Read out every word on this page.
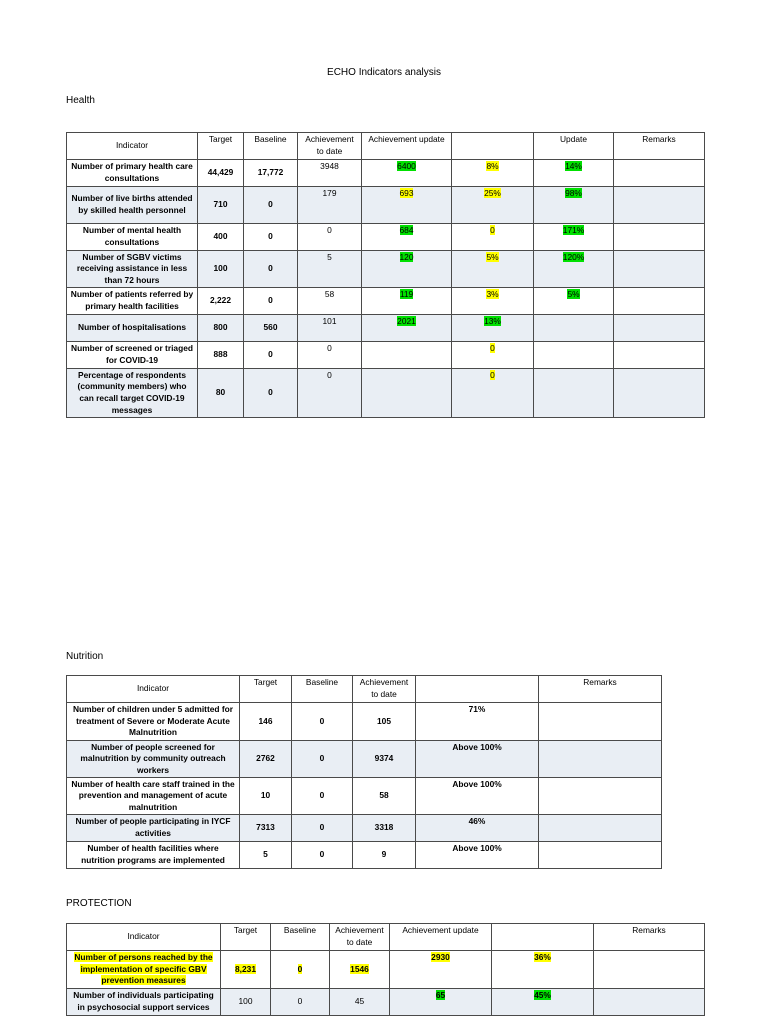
ECHO Indicators analysis
Health
Indicator	Target	Baseline	Achievement to date	Achievement update		Update	Remarks
Number of primary health care consultations	44,429	17,772	3948	6400	8%	14%	
Number of live births attended by skilled health personnel	710	0	179	693	25%	98%	
Number of mental health consultations	400	0	0	684	0	171%	
Number of SGBV victims receiving assistance in less than 72 hours	100	0	5	120	5%	120%	
Number of patients referred by primary health facilities	2,222	0	58	119	3%	5%	
Number of hospitalisations	800	560	101	2021	13%		
Number of screened or triaged for COVID-19	888	0	0		0		
Percentage of respondents (community members) who can recall target COVID-19 messages	80	0	0		0		
Nutrition
Indicator	Target	Baseline	Achievement to date		Remarks
Number of children under 5 admitted for treatment of Severe or Moderate Acute Malnutrition	146	0	105	71%	
Number of people screened for malnutrition by community outreach workers	2762	0	9374	Above 100%	
Number of health care staff trained in the prevention and management of acute malnutrition	10	0	58	Above 100%	
Number of people participating in IYCF activities	7313	0	3318	46%	
Number of health facilities where nutrition programs are implemented	5	0	9	Above 100%	
PROTECTION
Indicator	Target	Baseline	Achievement to date	Achievement update		Remarks
Number of persons reached by the implementation of specific GBV prevention measures	8,231	0	1546	2930	36%	
Number of individuals participating in psychosocial support services	100	0	45	65	45%	
